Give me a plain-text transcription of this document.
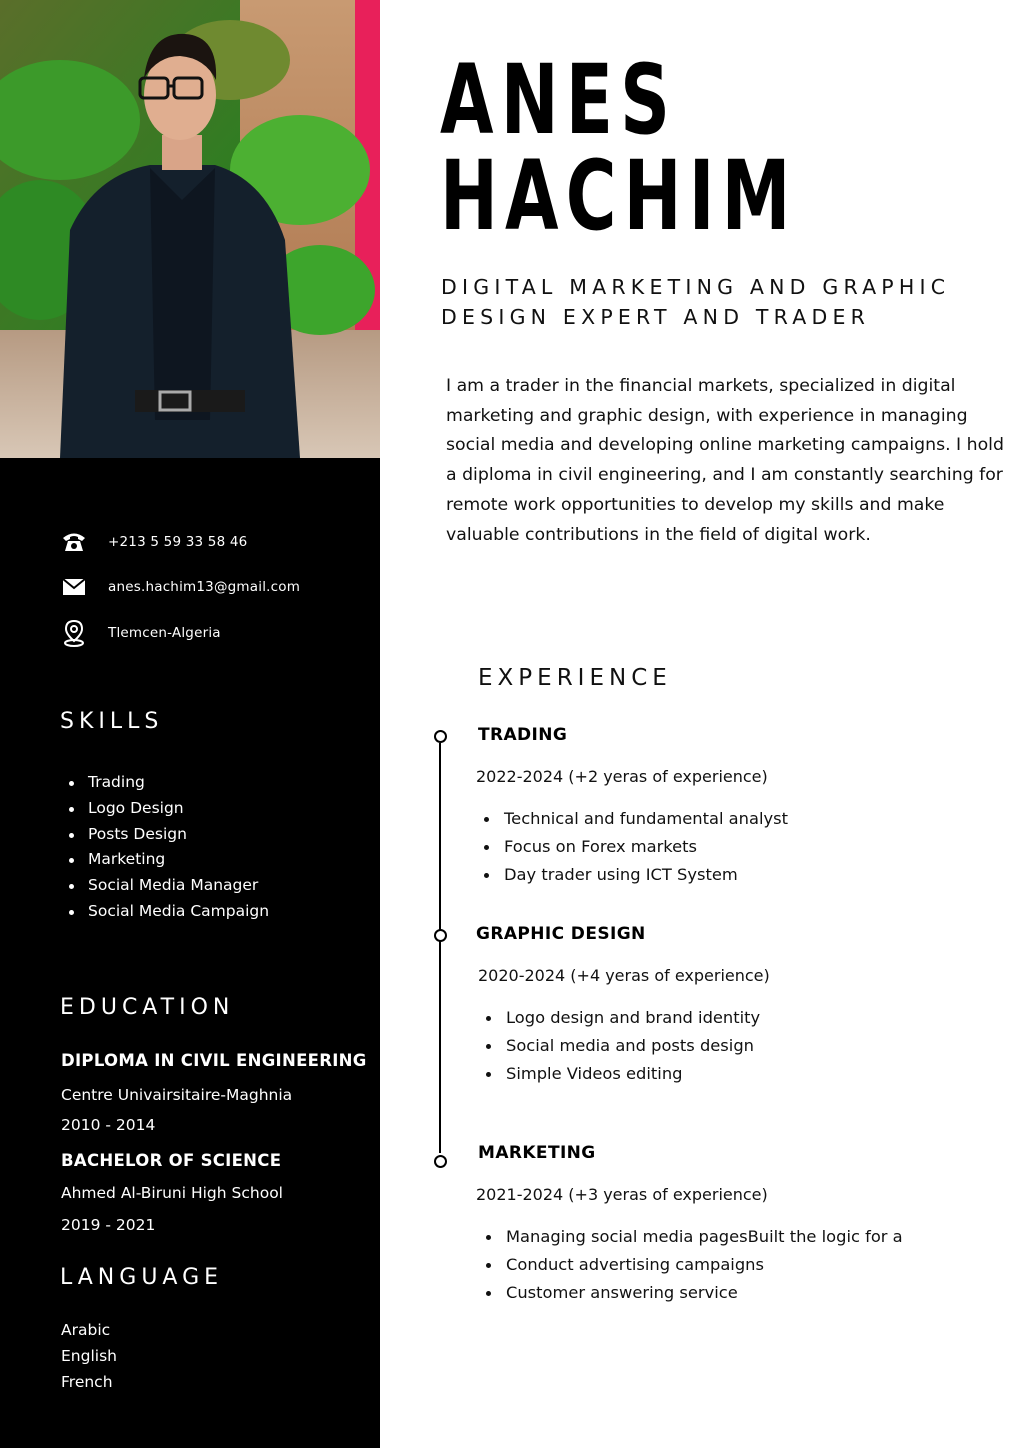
+213 5 59 33 58 46
anes.hachim13@gmail.com
Tlemcen-Algeria
SKILLS
Trading
Logo Design
Posts Design
Marketing
Social Media Manager
Social Media Campaign
EDUCATION
DIPLOMA IN CIVIL ENGINEERING
Centre Univairsitaire-Maghnia
2010 - 2014
BACHELOR OF SCIENCE
Ahmed Al-Biruni High School
2019 - 2021
LANGUAGE
Arabic
English
French
ANES
HACHIM
DIGITAL MARKETING AND GRAPHIC
DESIGN EXPERT AND TRADER

I am a trader in the financial markets, specialized in digital marketing and graphic design, with experience in managing social media and developing online marketing campaigns. I hold a diploma in civil engineering, and I am constantly searching for remote work opportunities to develop my skills and make valuable contributions in the field of digital work.

EXPERIENCE
TRADING
2022-2024 (+2 yeras of experience)
Technical and fundamental analyst
Focus on Forex markets
Day trader using ICT System
GRAPHIC DESIGN
2020-2024 (+4 yeras of experience)
Logo design and brand identity
Social media and posts design
Simple Videos editing
MARKETING
2021-2024 (+3 yeras of experience)
Managing social media pagesBuilt the logic for a
Conduct advertising campaigns
Customer answering service
